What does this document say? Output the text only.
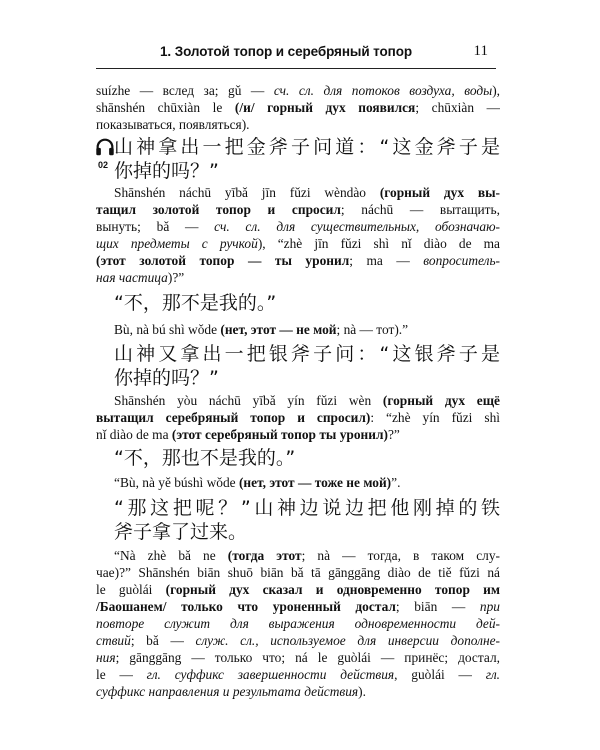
1. Золотой топор и серебряный топор	11
suízhe — вслед за; gǔ — сч. сл. для потоков воздуха, воды),
shānshén chūxiàn le (/и/ горный дух появился; chūxiàn —
показываться, появляться).
02
山神拿出一把金斧子问道：“这金斧子是
你掉的吗？”
Shānshén náchū yībǎ jīn fǔzi wèndào (горный дух вы-
тащил золотой топор и спросил; náchū — вытащить,
вынуть; bǎ — сч. сл. для существительных, обозначаю-
щих предметы с ручкой), “zhè jīn fǔzi shì nǐ diào de ma
(этот золотой топор — ты уронил; ma — вопроситель-
ная частица)?”
“不，那不是我的。”
Bù, nà bú shì wǒde (нет, этот — не мой; nà — тот).”
山神又拿出一把银斧子问：“这银斧子是
你掉的吗？”
Shānshén yòu náchū yībǎ yín fǔzi wèn (горный дух ещё
вытащил серебряный топор и спросил): “zhè yín fǔzi shì
nǐ diào de ma (этот серебряный топор ты уронил)?”
“不，那也不是我的。”
“Bù, nà yě búshì wǒde (нет, этот — тоже не мой)”.
“那这把呢？”山神边说边把他刚掉的铁
斧子拿了过来。
“Nà zhè bǎ ne (тогда этот; nà — тогда, в таком слу-
чае)?” Shānshén biān shuō biān bǎ tā gānggāng diào de tiě fǔzi ná
le guòlái (горный дух сказал и одновременно топор им
/Баошанем/ только что уроненный достал; biān — при
повторе служит для выражения одновременности дей-
ствий; bǎ — служ. сл., используемое для инверсии дополне-
ния; gānggāng — только что; ná le guòlái — принёс; достал,
le — гл. суффикс завершенности действия, guòlái — гл.
суффикс направления и результата действия).
